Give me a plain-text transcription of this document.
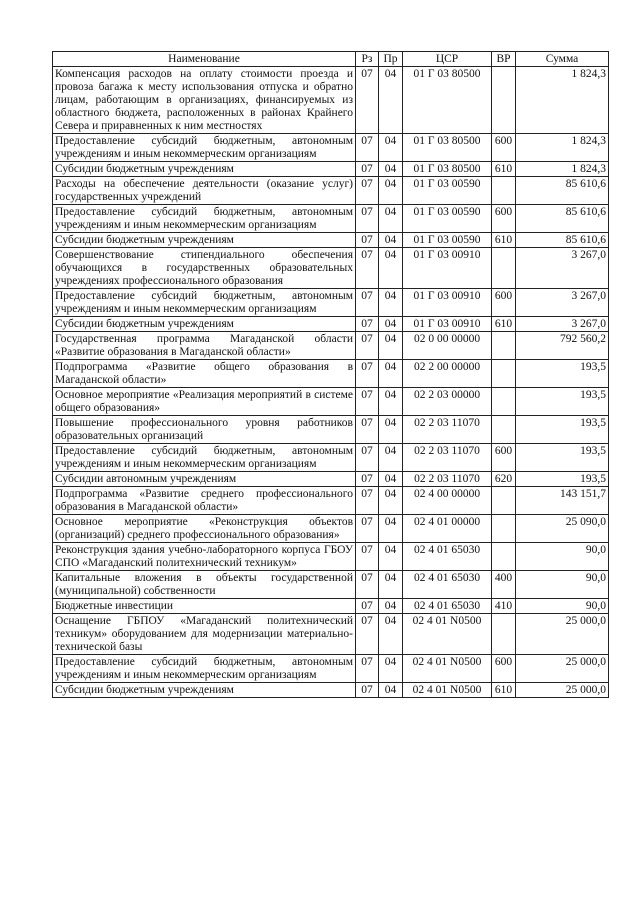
Наименование	Рз	Пр	ЦСР	ВР	Сумма
Компенсация расходов на оплату стоимости проезда и провоза багажа к месту использования отпуска и обратно лицам, работающим в организациях, финансируемых из областного бюджета, расположенных в районах Крайнего Севера и приравненных к ним местностях	07	04	01 Г 03 80500		1 824,3
Предоставление субсидий бюджетным, автономным учреждениям и иным некоммерческим организациям	07	04	01 Г 03 80500	600	1 824,3
Субсидии бюджетным учреждениям	07	04	01 Г 03 80500	610	1 824,3
Расходы на обеспечение деятельности (оказание услуг) государственных учреждений	07	04	01 Г 03 00590		85 610,6
Предоставление субсидий бюджетным, автономным учреждениям и иным некоммерческим организациям	07	04	01 Г 03 00590	600	85 610,6
Субсидии бюджетным учреждениям	07	04	01 Г 03 00590	610	85 610,6
Совершенствование стипендиального обеспечения обучающихся в государственных образовательных учреждениях профессионального образования	07	04	01 Г 03 00910		3 267,0
Предоставление субсидий бюджетным, автономным учреждениям и иным некоммерческим организациям	07	04	01 Г 03 00910	600	3 267,0
Субсидии бюджетным учреждениям	07	04	01 Г 03 00910	610	3 267,0
Государственная программа Магаданской области «Развитие образования в Магаданской области»	07	04	02 0 00 00000		792 560,2
Подпрограмма «Развитие общего образования в Магаданской области»	07	04	02 2 00 00000		193,5
Основное мероприятие «Реализация мероприятий в системе общего образования»	07	04	02 2 03 00000		193,5
Повышение профессионального уровня работников образовательных организаций	07	04	02 2 03 11070		193,5
Предоставление субсидий бюджетным, автономным учреждениям и иным некоммерческим организациям	07	04	02 2 03 11070	600	193,5
Субсидии автономным учреждениям	07	04	02 2 03 11070	620	193,5
Подпрограмма «Развитие среднего профессионального образования в Магаданской области»	07	04	02 4 00 00000		143 151,7
Основное мероприятие «Реконструкция объектов (организаций) среднего профессионального образования»	07	04	02 4 01 00000		25 090,0
Реконструкция здания учебно-лабораторного корпуса ГБОУ СПО «Магаданский политехнический техникум»	07	04	02 4 01 65030		90,0
Капитальные вложения в объекты государственной (муниципальной) собственности	07	04	02 4 01 65030	400	90,0
Бюджетные инвестиции	07	04	02 4 01 65030	410	90,0
Оснащение ГБПОУ «Магаданский политехнический техникум» оборудованием для модернизации материально-технической базы	07	04	02 4 01 N0500		25 000,0
Предоставление субсидий бюджетным, автономным учреждениям и иным некоммерческим организациям	07	04	02 4 01 N0500	600	25 000,0
Субсидии бюджетным учреждениям	07	04	02 4 01 N0500	610	25 000,0
